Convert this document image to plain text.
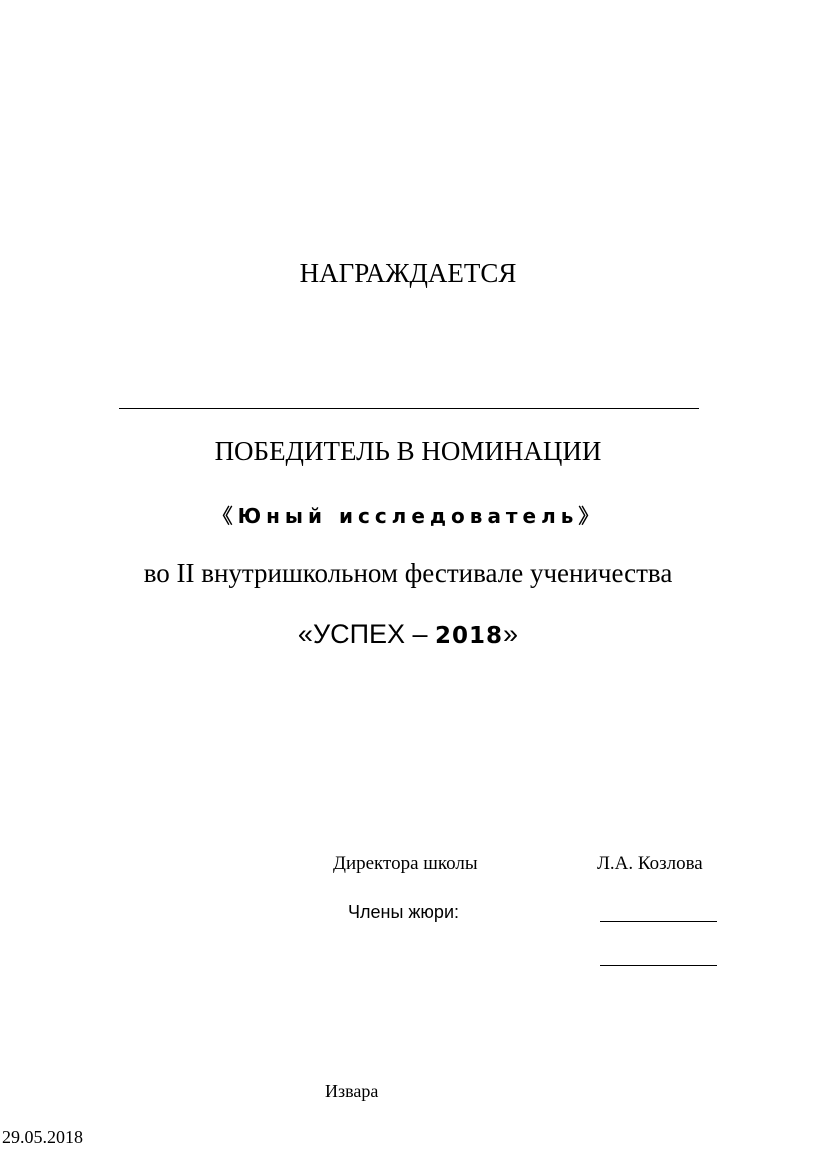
НАГРАЖДАЕТСЯ
ПОБЕДИТЕЛЬ В НОМИНАЦИИ
《Юный исследователь》
во II внутришкольном фестивале ученичества
«УСПЕХ – 2018»
Директора школы	Л.А. Козлова
Члены жюри:
Извара
29.05.2018
